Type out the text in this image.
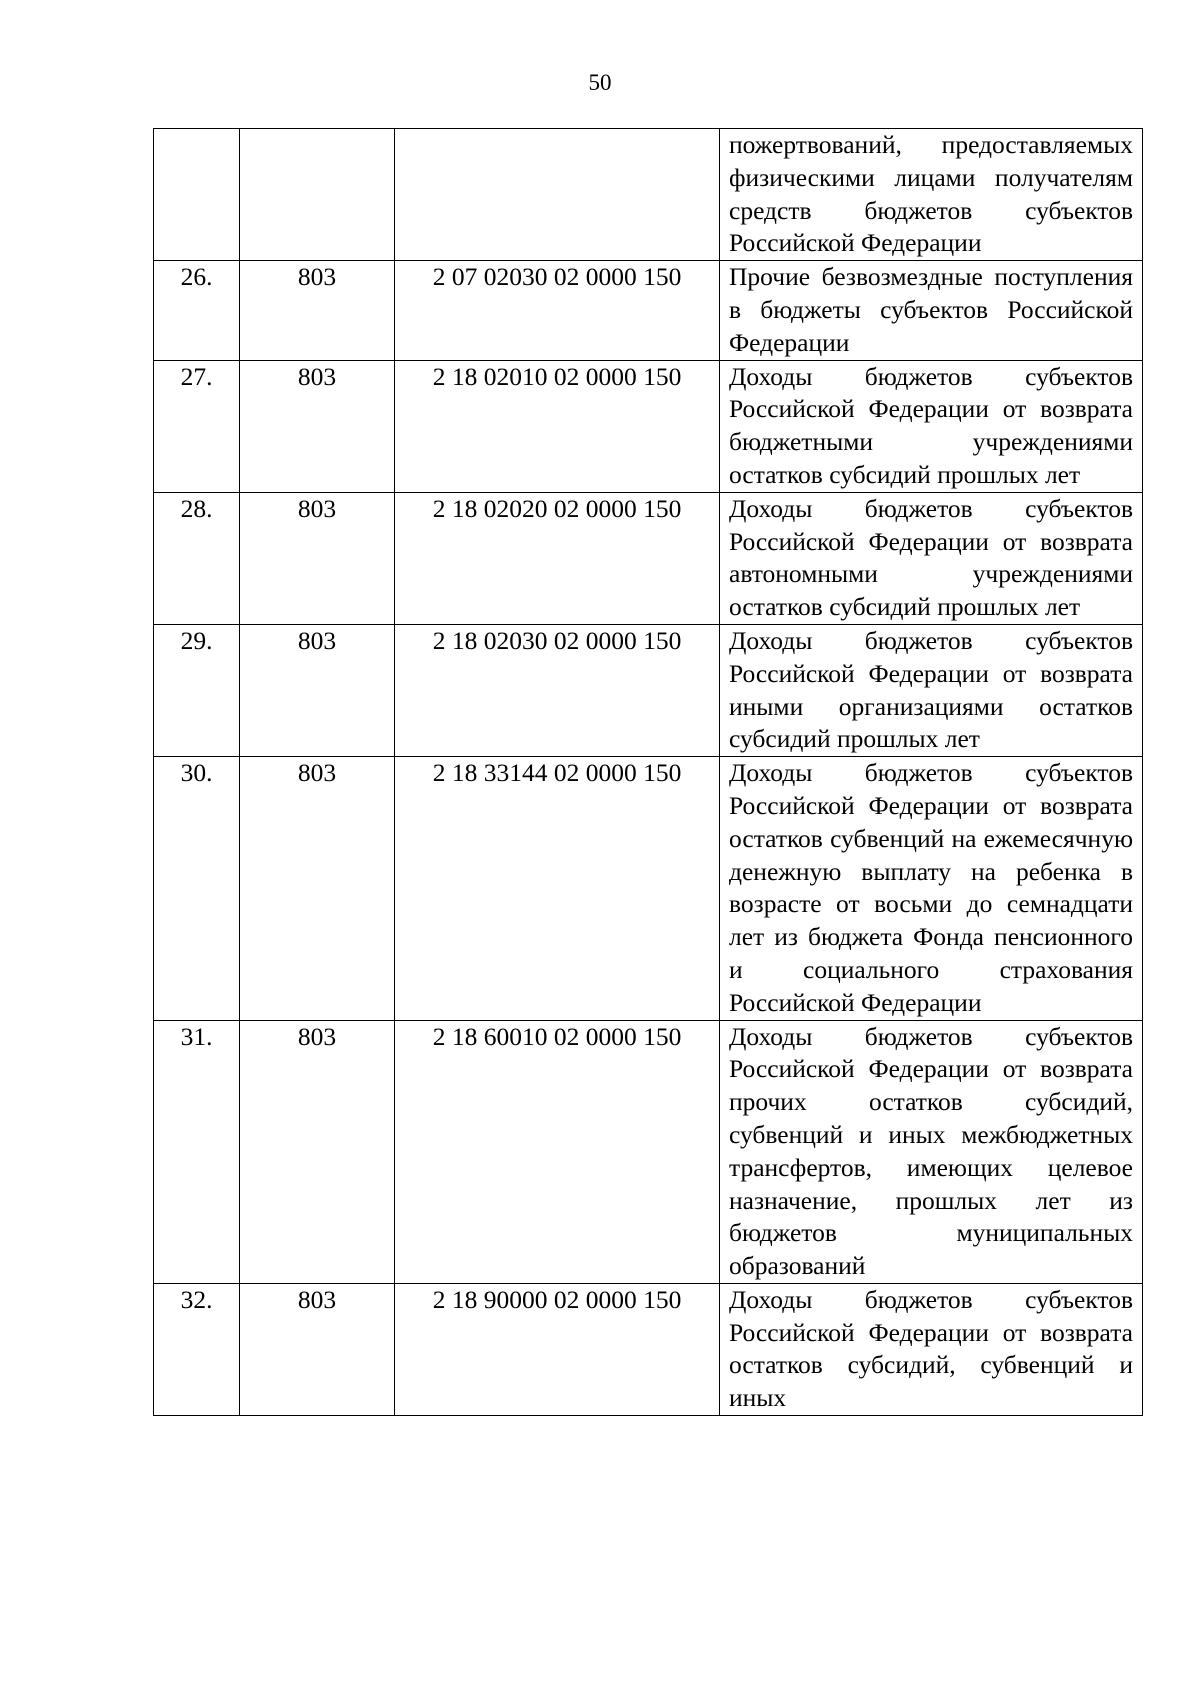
50
			пожертвований, предоставляемых физическими лицами получателям средств бюджетов субъектов Российской Федерации
26.	803	2 07 02030 02 0000 150	Прочие безвозмездные поступления в бюджеты субъектов Российской Федерации
27.	803	2 18 02010 02 0000 150	Доходы бюджетов субъектов Российской Федерации от возврата бюджетными учреждениями остатков субсидий прошлых лет
28.	803	2 18 02020 02 0000 150	Доходы бюджетов субъектов Российской Федерации от возврата автономными учреждениями остатков субсидий прошлых лет
29.	803	2 18 02030 02 0000 150	Доходы бюджетов субъектов Российской Федерации от возврата иными организациями остатков субсидий прошлых лет
30.	803	2 18 33144 02 0000 150	Доходы бюджетов субъектов Российской Федерации от возврата остатков субвенций на ежемесячную денежную выплату на ребенка в возрасте от восьми до семнадцати лет из бюджета Фонда пенсионного и социального страхования Российской Федерации
31.	803	2 18 60010 02 0000 150	Доходы бюджетов субъектов Российской Федерации от возврата прочих остатков субсидий, субвенций и иных межбюджетных трансфертов, имеющих целевое назначение, прошлых лет из бюджетов муниципальных образований
32.	803	2 18 90000 02 0000 150	Доходы бюджетов субъектов Российской Федерации от возврата остатков субсидий, субвенций и иных
